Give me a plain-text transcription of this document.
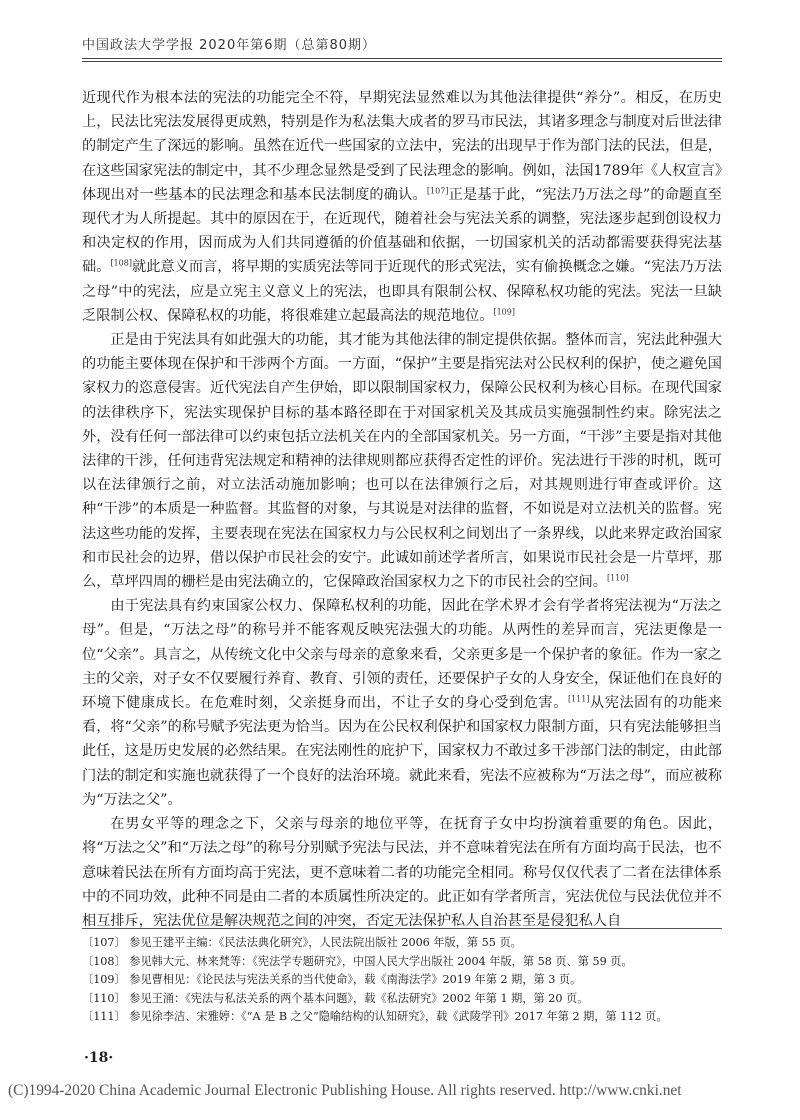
中国政法大学学报 2020年第6期（总第80期）

近现代作为根本法的宪法的功能完全不符，早期宪法显然难以为其他法律提供“养分”。相反，在历史上，民法比宪法发展得更成熟，特别是作为私法集大成者的罗马市民法，其诸多理念与制度对后世法律的制定产生了深远的影响。虽然在近代一些国家的立法中，宪法的出现早于作为部门法的民法，但是，在这些国家宪法的制定中，其不少理念显然是受到了民法理念的影响。例如，法国1789年《人权宣言》体现出对一些基本的民法理念和基本民法制度的确认。[107]正是基于此，“宪法乃万法之母”的命题直至现代才为人所提起。其中的原因在于，在近现代，随着社会与宪法关系的调整，宪法逐步起到创设权力和决定权的作用，因而成为人们共同遵循的价值基础和依据，一切国家机关的活动都需要获得宪法基础。[108]就此意义而言，将早期的实质宪法等同于近现代的形式宪法，实有偷换概念之嫌。“宪法乃万法之母”中的宪法，应是立宪主义意义上的宪法，也即具有限制公权、保障私权功能的宪法。宪法一旦缺乏限制公权、保障私权的功能，将很难建立起最高法的规范地位。[109]

正是由于宪法具有如此强大的功能，其才能为其他法律的制定提供依据。整体而言，宪法此种强大的功能主要体现在保护和干涉两个方面。一方面，“保护”主要是指宪法对公民权利的保护，使之避免国家权力的恣意侵害。近代宪法自产生伊始，即以限制国家权力，保障公民权利为核心目标。在现代国家的法律秩序下，宪法实现保护目标的基本路径即在于对国家机关及其成员实施强制性约束。除宪法之外，没有任何一部法律可以约束包括立法机关在内的全部国家机关。另一方面，“干涉”主要是指对其他法律的干涉，任何违背宪法规定和精神的法律规则都应获得否定性的评价。宪法进行干涉的时机，既可以在法律颁行之前，对立法活动施加影响；也可以在法律颁行之后，对其规则进行审查或评价。这种“干涉”的本质是一种监督。其监督的对象，与其说是对法律的监督，不如说是对立法机关的监督。宪法这些功能的发挥，主要表现在宪法在国家权力与公民权利之间划出了一条界线，以此来界定政治国家和市民社会的边界，借以保护市民社会的安宁。此诚如前述学者所言，如果说市民社会是一片草坪，那么，草坪四周的栅栏是由宪法确立的，它保障政治国家权力之下的市民社会的空间。[110]

由于宪法具有约束国家公权力、保障私权利的功能，因此在学术界才会有学者将宪法视为“万法之母”。但是，“万法之母”的称号并不能客观反映宪法强大的功能。从两性的差异而言，宪法更像是一位“父亲”。具言之，从传统文化中父亲与母亲的意象来看，父亲更多是一个保护者的象征。作为一家之主的父亲，对子女不仅要履行养育、教育、引领的责任，还要保护子女的人身安全，保证他们在良好的环境下健康成长。在危难时刻，父亲挺身而出，不让子女的身心受到危害。[111]从宪法固有的功能来看，将“父亲”的称号赋予宪法更为恰当。因为在公民权利保护和国家权力限制方面，只有宪法能够担当此任，这是历史发展的必然结果。在宪法刚性的庇护下，国家权力不敢过多干涉部门法的制定，由此部门法的制定和实施也就获得了一个良好的法治环境。就此来看，宪法不应被称为“万法之母”，而应被称为“万法之父”。

在男女平等的理念之下，父亲与母亲的地位平等，在抚育子女中均扮演着重要的角色。因此，将“万法之父”和“万法之母”的称号分别赋予宪法与民法，并不意味着宪法在所有方面均高于民法，也不意味着民法在所有方面均高于宪法，更不意味着二者的功能完全相同。称号仅仅代表了二者在法律体系中的不同功效，此种不同是由二者的本质属性所决定的。此正如有学者所言，宪法优位与民法优位并不相互排斥，宪法优位是解决规范之间的冲突，否定无法保护私人自治甚至是侵犯私人自

〔107〕 参见王建平主编：《民法法典化研究》，人民法院出版社 2006 年版，第 55 页。
〔108〕 参见韩大元、林来梵等：《宪法学专题研究》，中国人民大学出版社 2004 年版，第 58 页、第 59 页。
〔109〕 参见曹相见：《论民法与宪法关系的当代使命》，载《南海法学》2019 年第 2 期，第 3 页。
〔110〕 参见王涌：《宪法与私法关系的两个基本问题》，载《私法研究》2002 年第 1 期，第 20 页。
〔111〕 参见徐李洁、宋雅婷：《“A 是 B 之父”隐喻结构的认知研究》，载《武陵学刊》2017 年第 2 期，第 112 页。
·18·
(C)1994-2020 China Academic Journal Electronic Publishing House. All rights reserved. http://www.cnki.net
